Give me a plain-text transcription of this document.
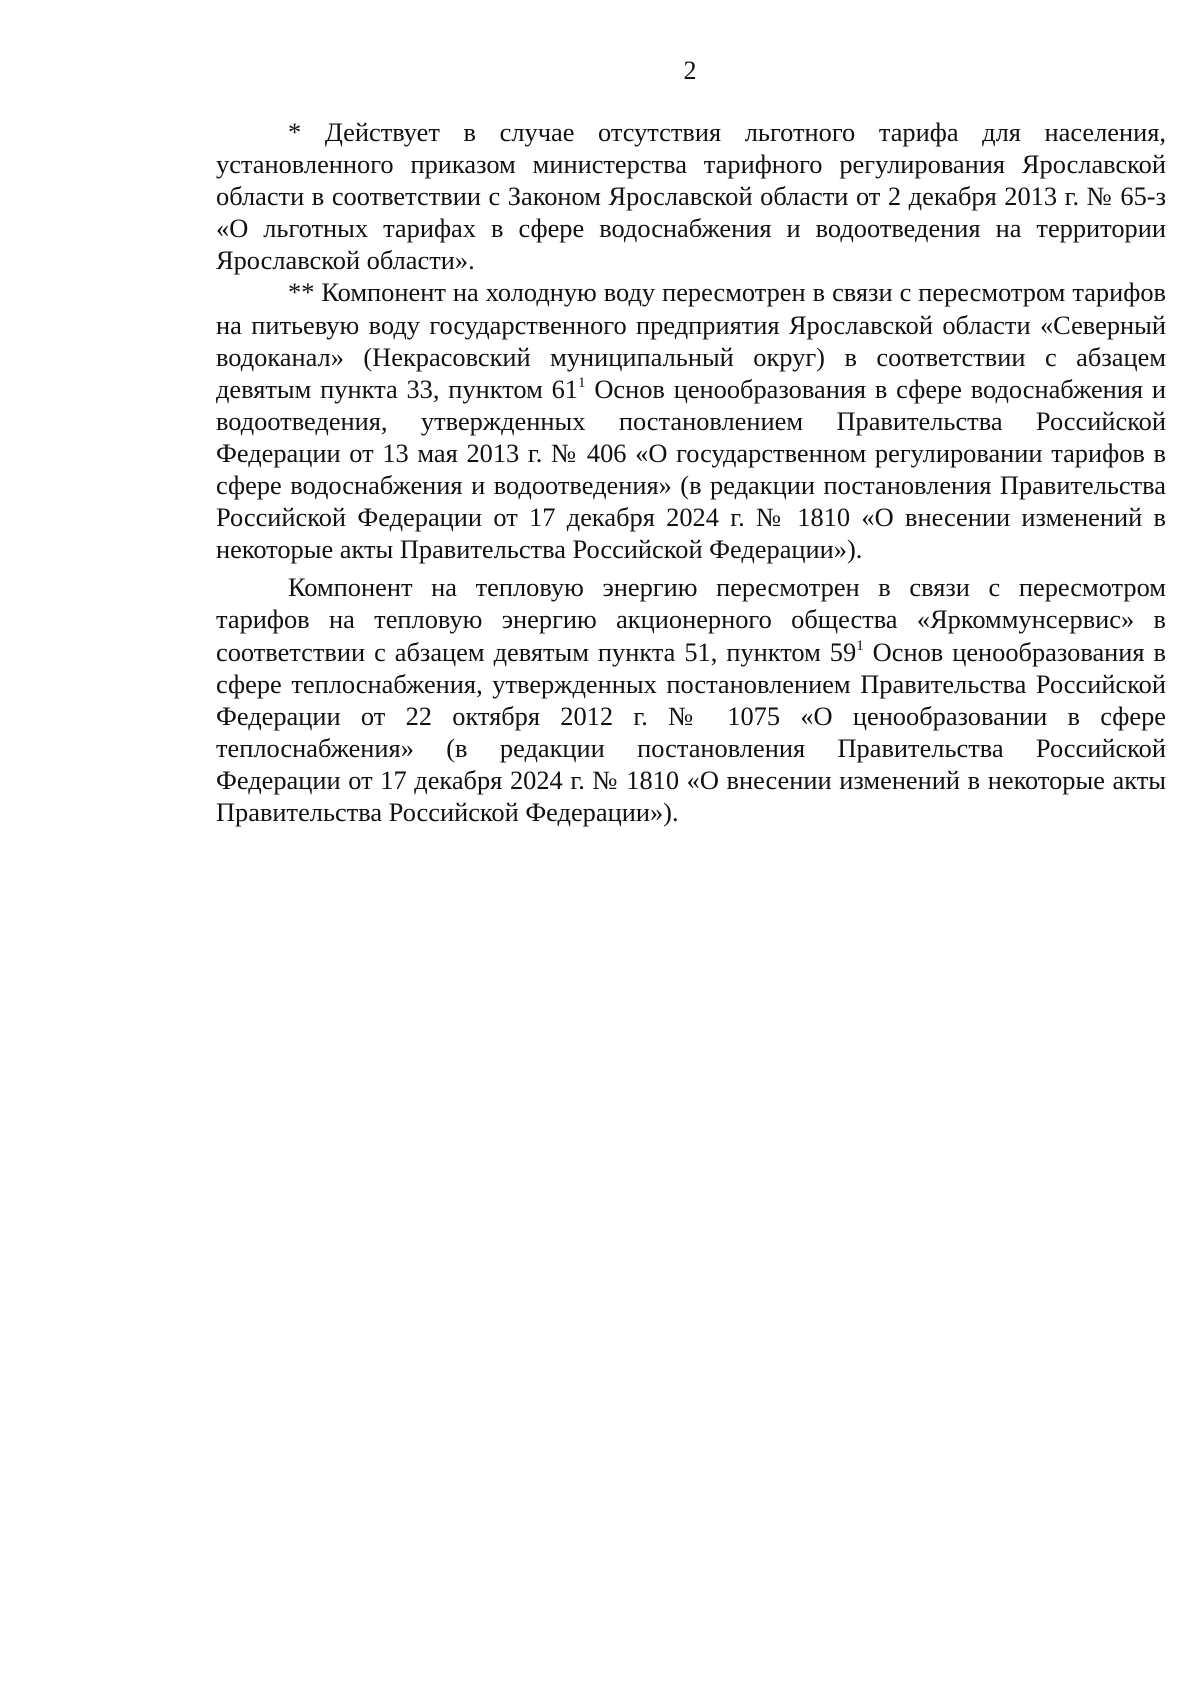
2

* Действует в случае отсутствия льготного тарифа для населения, установленного приказом министерства тарифного регулирования Ярославской области в соответствии с Законом Ярославской области от 2 декабря 2013 г. № 65-з «О льготных тарифах в сфере водоснабжения и водоотведения на территории Ярославской области».

** Компонент на холодную воду пересмотрен в связи с пересмотром тарифов на питьевую воду государственного предприятия Ярославской области «Северный водоканал» (Некрасовский муниципальный округ) в соответствии с абзацем девятым пункта 33, пунктом $61^1$ Основ ценообразования в сфере водоснабжения и водоотведения, утвержденных постановлением Правительства Российской Федерации от 13 мая 2013 г. № 406 «О государственном регулировании тарифов в сфере водоснабжения и водоотведения» (в редакции постановления Правительства Российской Федерации от 17 декабря 2024 г. № 1810 «О внесении изменений в некоторые акты Правительства Российской Федерации»).

Компонент на тепловую энергию пересмотрен в связи с пересмотром тарифов на тепловую энергию акционерного общества «Яркоммунсервис» в соответствии с абзацем девятым пункта 51, пунктом $59^1$ Основ ценообразования в сфере теплоснабжения, утвержденных постановлением Правительства Российской Федерации от 22 октября 2012 г. № 1075 «О ценообразовании в сфере теплоснабжения» (в редакции постановления Правительства Российской Федерации от 17 декабря 2024 г. № 1810 «О внесении изменений в некоторые акты Правительства Российской Федерации»).
